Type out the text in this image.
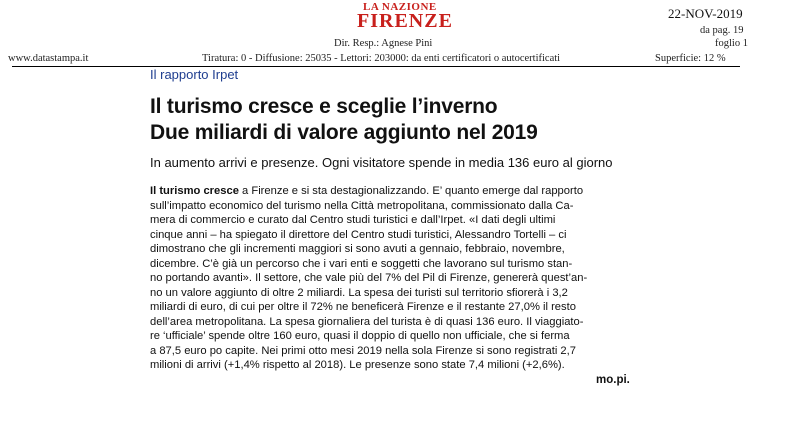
LA NAZIONE
FIRENZE	22-NOV-2019
da pag. 19
foglio 1
Dir. Resp.: Agnese Pini
www.datastampa.it	Tiratura: 0 - Diffusione: 25035 - Lettori: 203000: da enti certificatori o autocertificati	Superficie: 12 %
Il rapporto Irpet
Il turismo cresce e sceglie l’inverno
Due miliardi di valore aggiunto nel 2019
In aumento arrivi e presenze. Ogni visitatore spende in media 136 euro al giorno
Il turismo cresce a Firenze e si sta destagionalizzando. E’ quanto emerge dal rapporto
sull’impatto economico del turismo nella Città metropolitana, commissionato dalla Ca-
mera di commercio e curato dal Centro studi turistici e dall’Irpet. «I dati degli ultimi
cinque anni – ha spiegato il direttore del Centro studi turistici, Alessandro Tortelli – ci
dimostrano che gli incrementi maggiori si sono avuti a gennaio, febbraio, novembre,
dicembre. C’è già un percorso che i vari enti e soggetti che lavorano sul turismo stan-
no portando avanti». Il settore, che vale più del 7% del Pil di Firenze, genererà quest’an-
no un valore aggiunto di oltre 2 miliardi. La spesa dei turisti sul territorio sfiorerà i 3,2
miliardi di euro, di cui per oltre il 72% ne beneficerà Firenze e il restante 27,0% il resto
dell’area metropolitana. La spesa giornaliera del turista è di quasi 136 euro. Il viaggiato-
re ‘ufficiale’ spende oltre 160 euro, quasi il doppio di quello non ufficiale, che si ferma
a 87,5 euro po capite. Nei primi otto mesi 2019 nella sola Firenze si sono registrati 2,7
milioni di arrivi (+1,4% rispetto al 2018). Le presenze sono state 7,4 milioni (+2,6%).
mo.pi.
